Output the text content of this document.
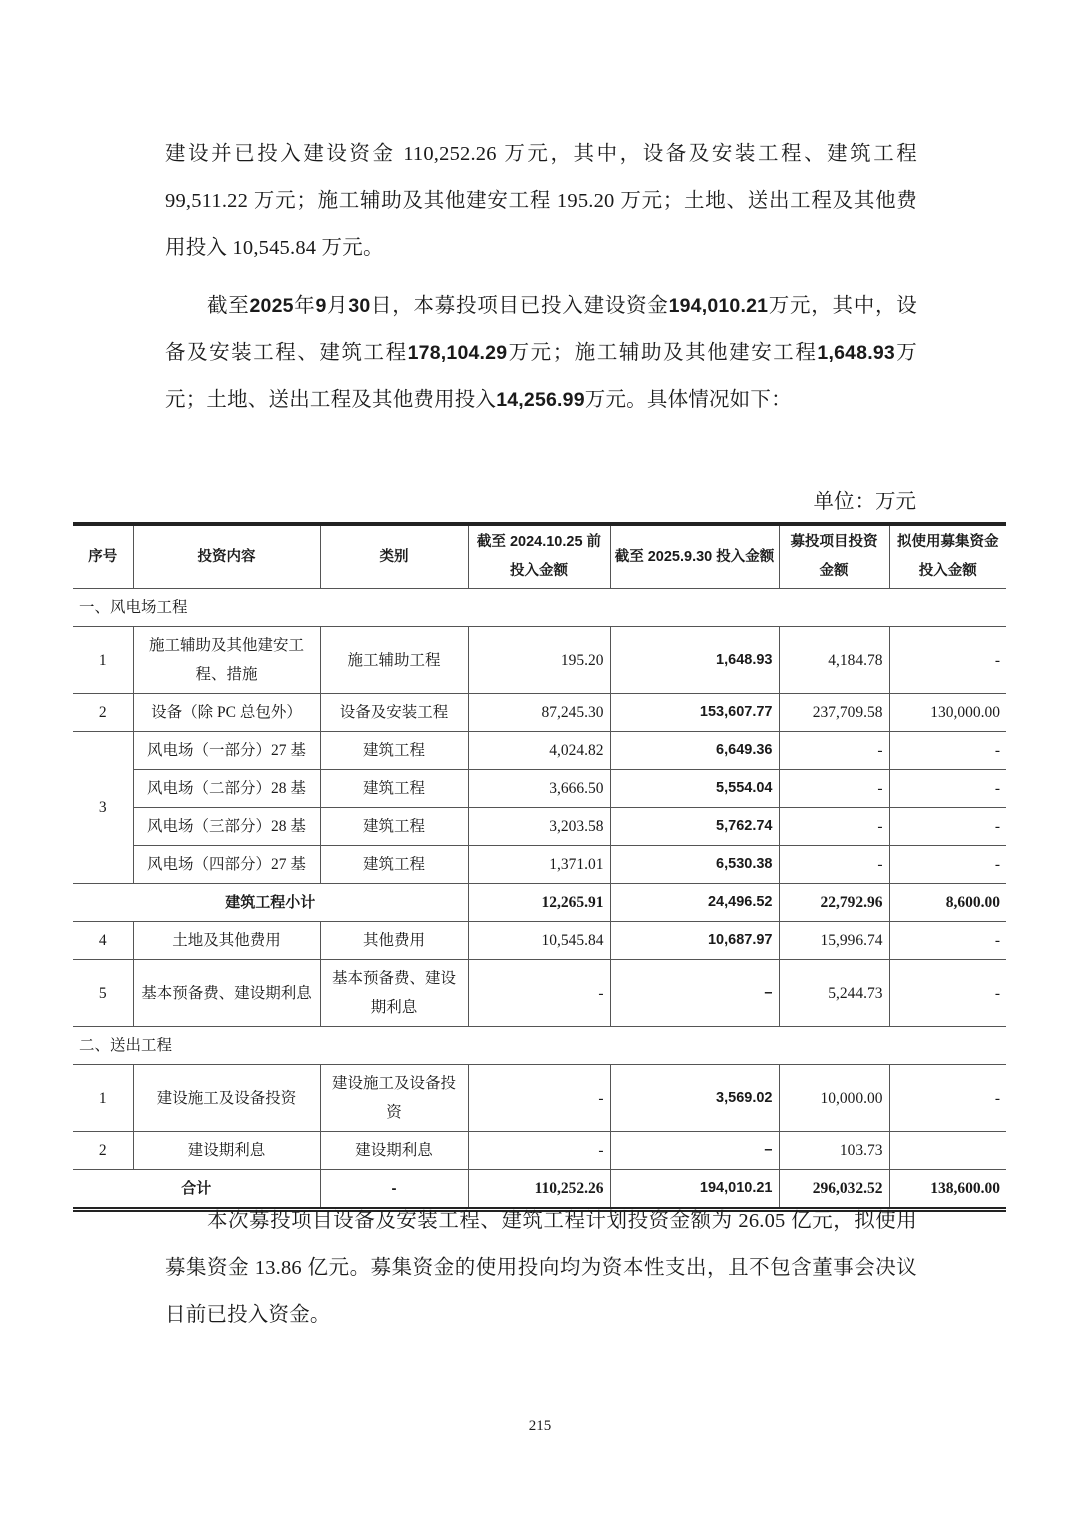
建设并已投入建设资金 110,252.26 万元，其中，设备及安装工程、建筑工程99,511.22 万元；施工辅助及其他建安工程 195.20 万元；土地、送出工程及其他费用投入 10,545.84 万元。
截至2025年9月30日，本募投项目已投入建设资金194,010.21万元，其中，设备及安装工程、建筑工程178,104.29万元；施工辅助及其他建安工程1,648.93万元；土地、送出工程及其他费用投入14,256.99万元。具体情况如下：
单位：万元
序号	投资内容	类别	截至 2024.10.25 前投入金额	截至 2025.9.30 投入金额	募投项目投资金额	拟使用募集资金投入金额
一、风电场工程						
1	施工辅助及其他建安工程、措施	施工辅助工程	195.20	1,648.93	4,184.78	-
2	设备（除 PC 总包外）	设备及安装工程	87,245.30	153,607.77	237,709.58	130,000.00
3	风电场（一部分）27 基	建筑工程	4,024.82	6,649.36	-	-
	风电场（二部分）28 基	建筑工程	3,666.50	5,554.04	-	-
	风电场（三部分）28 基	建筑工程	3,203.58	5,762.74	-	-
	风电场（四部分）27 基	建筑工程	1,371.01	6,530.38	-	-
建筑工程小计			12,265.91	24,496.52	22,792.96	8,600.00
4	土地及其他费用	其他费用	10,545.84	10,687.97	15,996.74	-
5	基本预备费、建设期利息	基本预备费、建设期利息	-	–	5,244.73	-
二、送出工程						
1	建设施工及设备投资	建设施工及设备投资	-	3,569.02	10,000.00	-
2	建设期利息	建设期利息	-	–	103.73	
合计		-	110,252.26	194,010.21	296,032.52	138,600.00
本次募投项目设备及安装工程、建筑工程计划投资金额为 26.05 亿元，拟使用募集资金 13.86 亿元。募集资金的使用投向均为资本性支出，且不包含董事会决议日前已投入资金。
215
